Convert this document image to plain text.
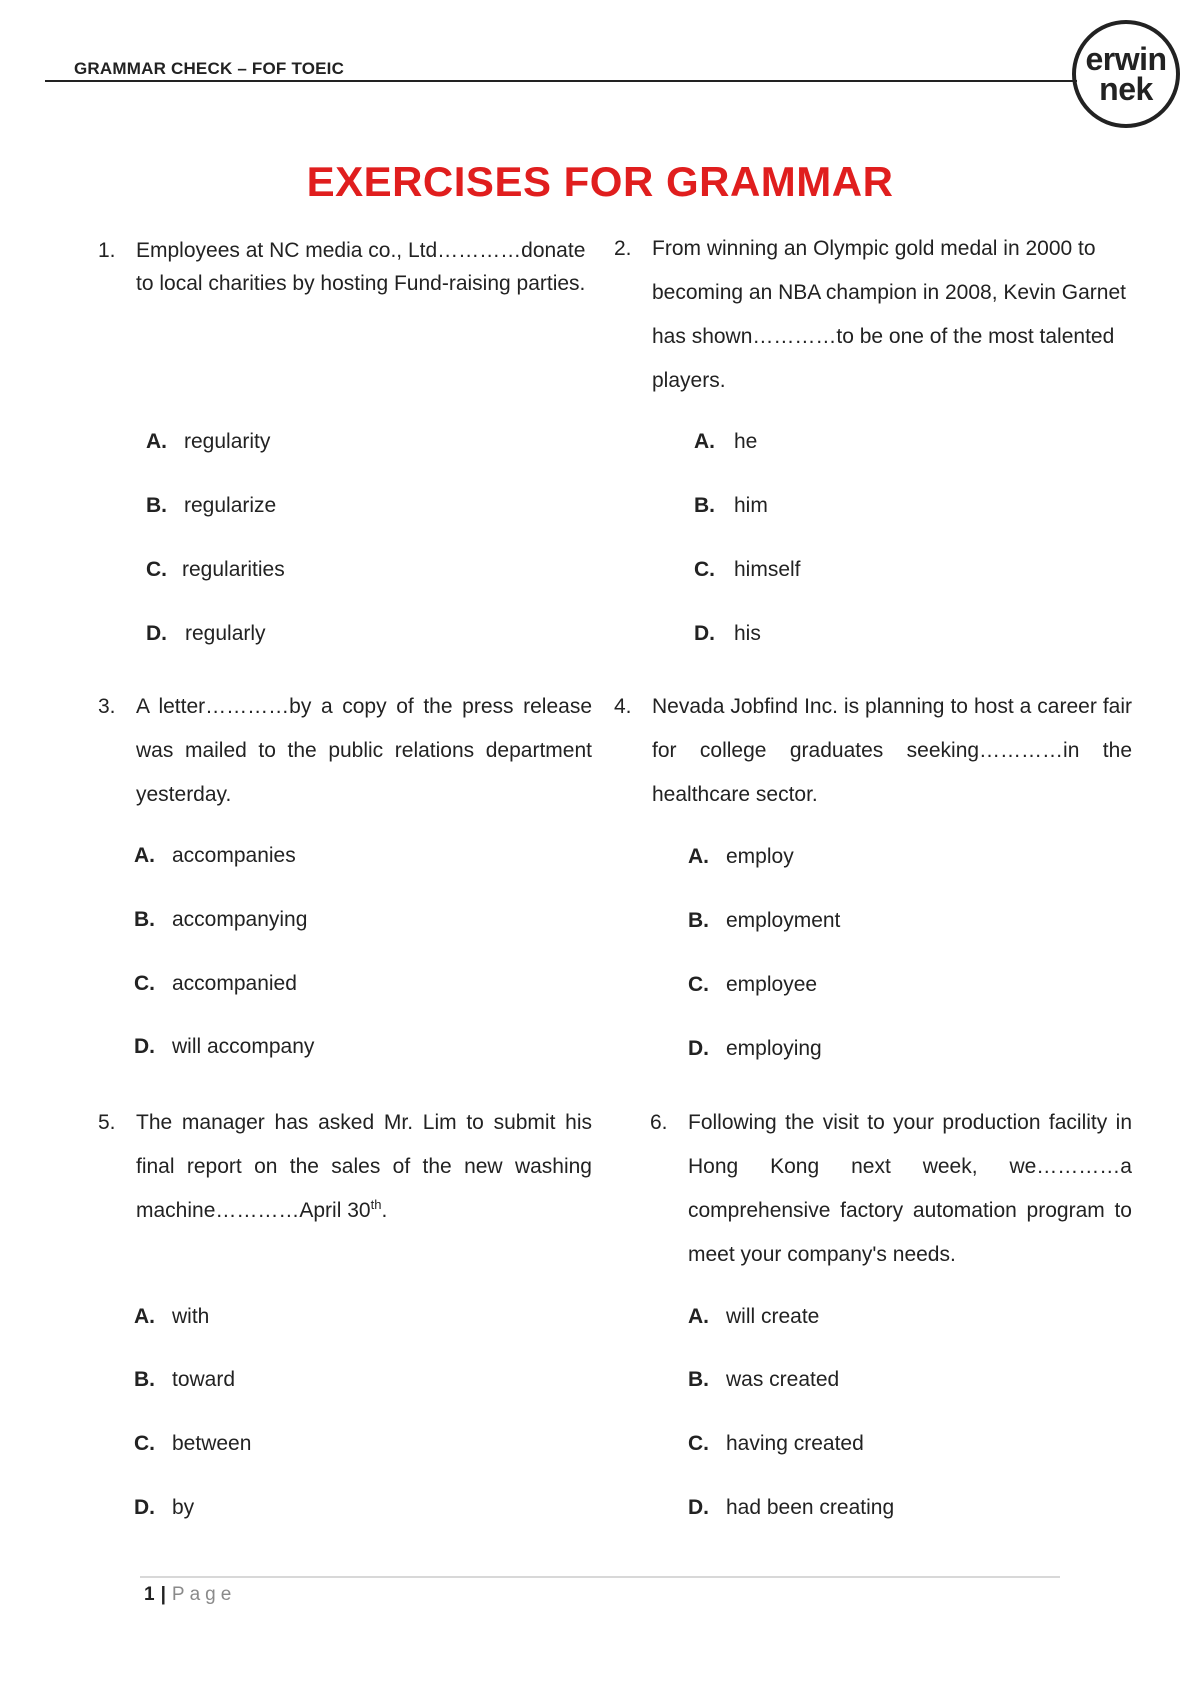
GRAMMAR CHECK – FOF TOEIC	erwin
nek
EXERCISES FOR GRAMMAR
1. Employees at NC media co., Ltd…………donate to local charities by hosting Fund-raising parties.
A. regularity
B. regularize
C. regularities
D. regularly
2. From winning an Olympic gold medal in 2000 to becoming an NBA champion in 2008, Kevin Garnet has shown…………to be one of the most talented players.
A. he
B. him
C. himself
D. his
3. A letter…………by a copy of the press release was mailed to the public relations department yesterday.
A. accompanies
B. accompanying
C. accompanied
D. will accompany
4. Nevada Jobfind Inc. is planning to host a career fair for college graduates seeking…………in the healthcare sector.
A. employ
B. employment
C. employee
D. employing
5. The manager has asked Mr. Lim to submit his final report on the sales of the new washing machine…………April 30th.
A. with
B. toward
C. between
D. by
6. Following the visit to your production facility in Hong Kong next week, we…………a comprehensive factory automation program to meet your company's needs.
A. will create
B. was created
C. having created
D. had been creating
1 | Page
